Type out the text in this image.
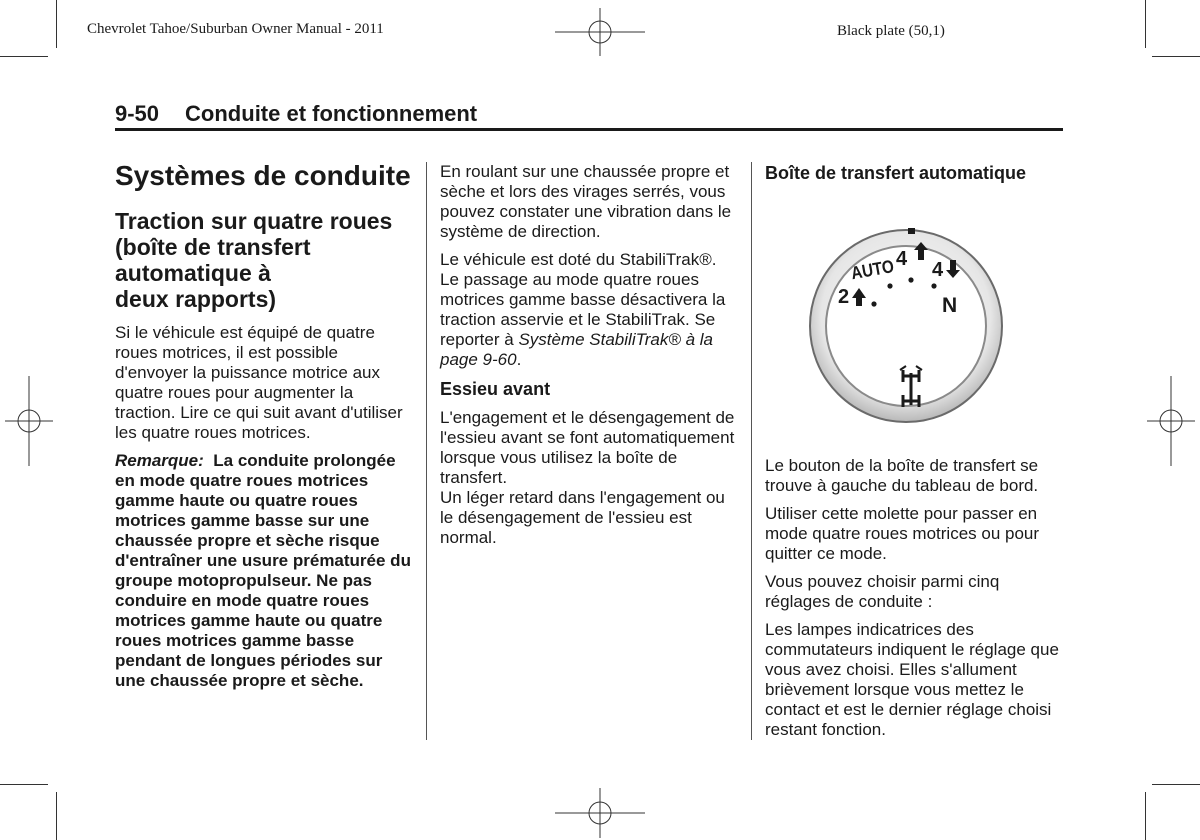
Chevrolet Tahoe/Suburban Owner Manual - 2011	Black plate (50,1)
9-50 Conduite et fonctionnement
Systèmes de conduite
Traction sur quatre roues
(boîte de transfert
automatique à
deux rapports)

Si le véhicule est équipé de quatre roues motrices, il est possible d'envoyer la puissance motrice aux quatre roues pour augmenter la traction. Lire ce qui suit avant d'utiliser les quatre roues motrices.

Remarque: La conduite prolongée en mode quatre roues motrices gamme haute ou quatre roues motrices gamme basse sur une chaussée propre et sèche risque d'entraîner une usure prématurée du groupe motopropulseur. Ne pas conduire en mode quatre roues motrices gamme haute ou quatre roues motrices gamme basse pendant de longues périodes sur une chaussée propre et sèche.

En roulant sur une chaussée propre et sèche et lors des virages serrés, vous pouvez constater une vibration dans le système de direction.

Le véhicule est doté du StabiliTrak®. Le passage au mode quatre roues motrices gamme basse désactivera la traction asservie et le StabiliTrak. Se reporter à Système StabiliTrak® à la page 9-60.

Essieu avant

L'engagement et le désengagement de l'essieu avant se font automatiquement lorsque vous utilisez la boîte de transfert.

Un léger retard dans l'engagement ou le désengagement de l'essieu est normal.

Boîte de transfert automatique
AUTO 4 4
2	N

Le bouton de la boîte de transfert se trouve à gauche du tableau de bord.

Utiliser cette molette pour passer en mode quatre roues motrices ou pour quitter ce mode.

Vous pouvez choisir parmi cinq réglages de conduite :

Les lampes indicatrices des commutateurs indiquent le réglage que vous avez choisi. Elles s'allument brièvement lorsque vous mettez le contact et est le dernier réglage choisi restant fonction.
